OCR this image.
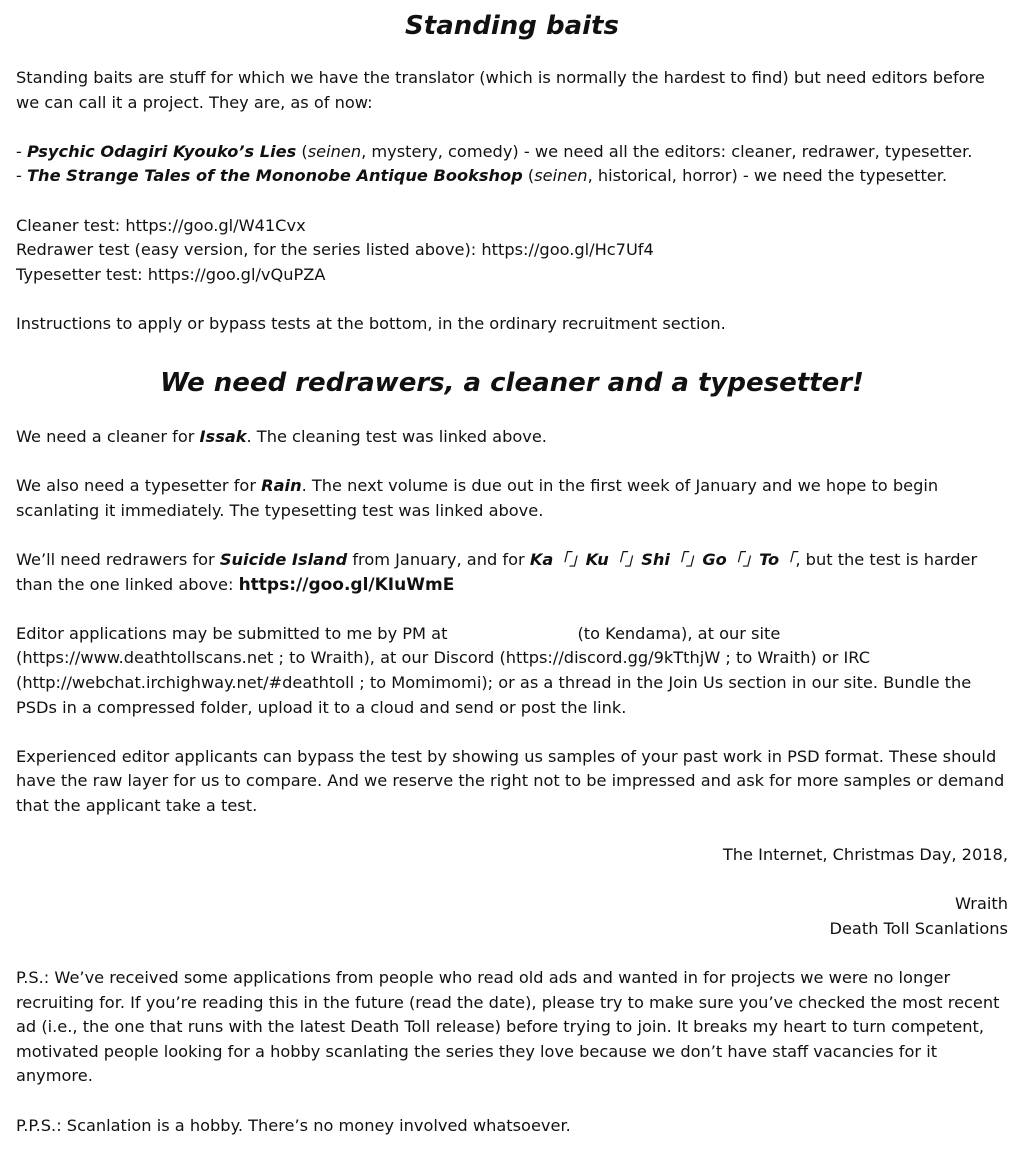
Standing baits

Standing baits are stuff for which we have the translator (which is normally the hardest to find) but need editors before we can call it a project. They are, as of now:

- Psychic Odagiri Kyouko’s Lies (seinen, mystery, comedy) - we need all the editors: cleaner, redrawer, typesetter.

- The Strange Tales of the Mononobe Antique Bookshop (seinen, historical, horror) - we need the typesetter.

Cleaner test: https://goo.gl/W41Cvx

Redrawer test (easy version, for the series listed above): https://goo.gl/Hc7Uf4

Typesetter test: https://goo.gl/vQuPZA

Instructions to apply or bypass tests at the bottom, in the ordinary recruitment section.

We need redrawers, a cleaner and a typesetter!

We need a cleaner for Issak. The cleaning test was linked above.

We also need a typesetter for Rain. The next volume is due out in the first week of January and we hope to begin scanlating it immediately. The typesetting test was linked above.

We’ll need redrawers for Suicide Island from January, and for Ka「」Ku「」Shi「」Go「」To「, but the test is harder than the one linked above: https://goo.gl/KIuWmE

Editor applications may be submitted to me by PM at	(to Kendama), at our site (https://www.deathtollscans.net ; to Wraith), at our Discord (https://discord.gg/9kTthjW ; to Wraith) or IRC (http://webchat.irchighway.net/#deathtoll ; to Momimomi); or as a thread in the Join Us section in our site. Bundle the PSDs in a compressed folder, upload it to a cloud and send or post the link.

Experienced editor applicants can bypass the test by showing us samples of your past work in PSD format. These should have the raw layer for us to compare. And we reserve the right not to be impressed and ask for more samples or demand that the applicant take a test.

The Internet, Christmas Day, 2018,

Wraith

Death Toll Scanlations

P.S.: We’ve received some applications from people who read old ads and wanted in for projects we were no longer recruiting for. If you’re reading this in the future (read the date), please try to make sure you’ve checked the most recent ad (i.e., the one that runs with the latest Death Toll release) before trying to join. It breaks my heart to turn competent, motivated people looking for a hobby scanlating the series they love because we don’t have staff vacancies for it anymore.

P.P.S.: Scanlation is a hobby. There’s no money involved whatsoever.
